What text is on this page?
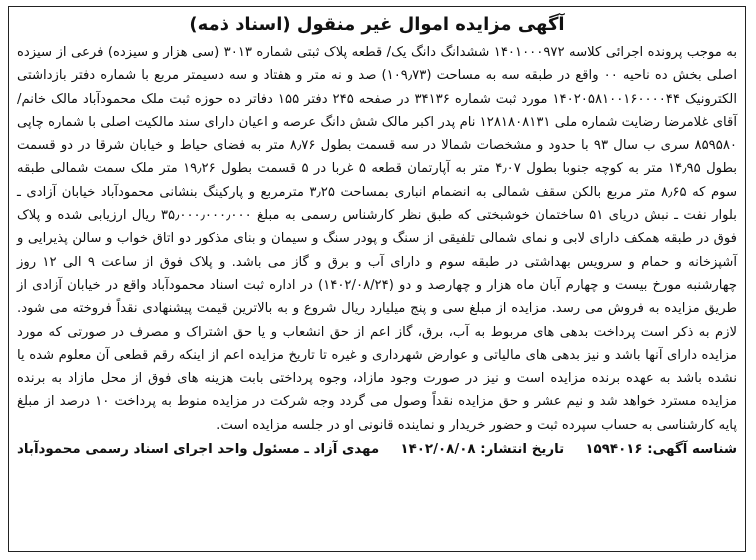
آگهی مزایده اموال غیر منقول (اسناد ذمه)

به موجب پرونده اجرائی کلاسه ۱۴۰۱۰۰۰۹۷۲ ششدانگ دانگ یک/ قطعه پلاک ثبتی شماره ۳۰۱۳ (سی هزار و سیزده) فرعی از سیزده اصلی بخش ده ناحیه ۰۰ واقع در طبقه سه به مساحت (۱۰۹٫۷۳) صد و نه متر و هفتاد و سه دسیمتر مربع با شماره دفتر بازداشتی الکترونیک ۱۴۰۲۰۵۸۱۰۰۱۶۰۰۰۰۴۴ مورد ثبت شماره ۳۴۱۳۶ در صفحه ۲۴۵ دفتر ۱۵۵ دفاتر ده حوزه ثبت ملک محمودآباد مالک خانم/ آقای غلامرضا رضایت شماره ملی ۱۲۸۱۸۰۸۱۳۱ نام پدر اکبر مالک شش دانگ عرصه و اعیان دارای سند مالکیت اصلی با شماره چاپی ۸۵۹۵۸۰ سری ب سال ۹۳ با حدود و مشخصات شمالا در سه قسمت بطول ۸٫۷۶ متر به فضای حیاط و خیابان شرقا در دو قسمت بطول ۱۴٫۹۵ متر به کوچه جنوبا بطول ۴٫۰۷ متر به آپارتمان قطعه ۵ غربا در ۵ قسمت بطول ۱۹٫۲۶ متر ملک سمت شمالی طبقه سوم که ۸٫۶۵ متر مربع بالکن سقف شمالی به انضمام انباری بمساحت ۳٫۲۵ مترمربع و پارکینگ بنشانی محمودآباد خیابان آزادی ـ بلوار نفت ـ نبش دریای ۵۱ ساختمان خوشبختی که طبق نظر کارشناس رسمی به مبلغ ۳۵٫۰۰۰٫۰۰۰٫۰۰۰ ریال ارزیابی شده و پلاک فوق در طبقه همکف دارای لابی و نمای شمالی تلفیقی از سنگ و پودر سنگ و سیمان و بنای مذکور دو اتاق خواب و سالن پذیرایی و آشپزخانه و حمام و سرویس بهداشتی در طبقه سوم و دارای آب و برق و گاز می باشد. و پلاک فوق از ساعت ۹ الی ۱۲ روز چهارشنبه مورخ بیست و چهارم آبان ماه هزار و چهارصد و دو (۱۴۰۲/۰۸/۲۴) در اداره ثبت اسناد محمودآباد واقع در خیابان آزادی از طریق مزایده به فروش می رسد. مزایده از مبلغ سی و پنج میلیارد ریال شروع و به بالاترین قیمت پیشنهادی نقداً فروخته می شود. لازم به ذکر است پرداخت بدهی های مربوط به آب، برق، گاز اعم از حق انشعاب و یا حق اشتراک و مصرف در صورتی که مورد مزایده دارای آنها باشد و نیز بدهی های مالیاتی و عوارض شهرداری و غیره تا تاریخ مزایده اعم از اینکه رقم قطعی آن معلوم شده یا نشده باشد به عهده برنده مزایده است و نیز در صورت وجود مازاد، وجوه پرداختی بابت هزینه های فوق از محل مازاد به برنده مزایده مسترد خواهد شد و نیم عشر و حق مزایده نقداً وصول می گردد وجه شرکت در مزایده منوط به پرداخت ۱۰ درصد از مبلغ پایه کارشناسی به حساب سپرده ثبت و حضور خریدار و نماینده قانونی او در جلسه مزایده است.

شناسه آگهی: ۱۵۹۴۰۱۶
تاریخ انتشار: ۱۴۰۲/۰۸/۰۸
مهدی آزاد ـ مسئول واحد اجرای اسناد رسمی محمودآباد
